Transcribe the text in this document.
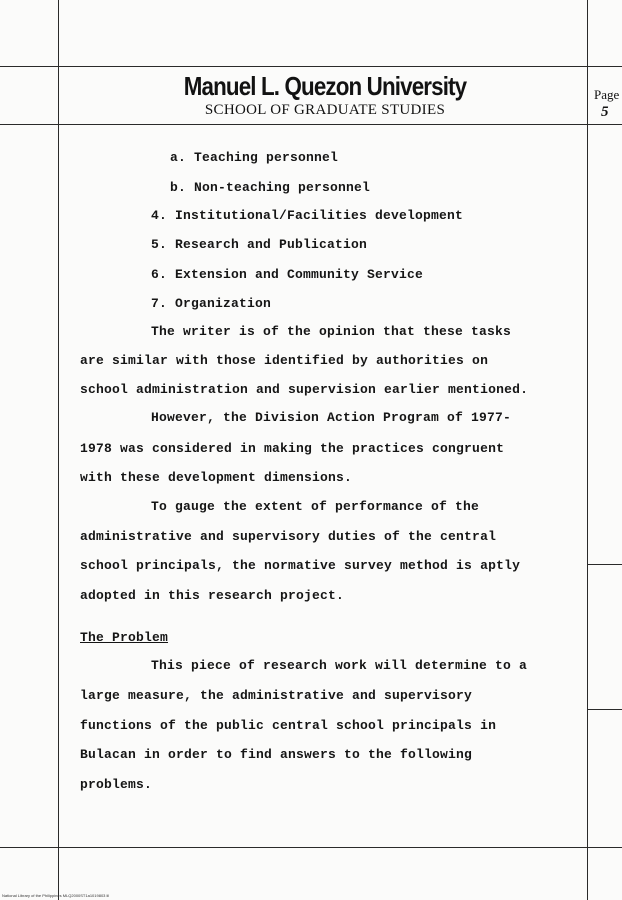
Manuel L. Quezon University
SCHOOL OF GRADUATE STUDIES
Page
5
a. Teaching personnel
b. Non-teaching personnel
4. Institutional/Facilities development
5. Research and Publication
6. Extension and Community Service
7. Organization
The writer is of the opinion that these tasks
are similar with those identified by authorities on
school administration and supervision earlier mentioned.
However, the Division Action Program of 1977-
1978 was considered in making the practices congruent
with these development dimensions.
To gauge the extent of performance of the
administrative and supervisory duties of the central
school principals, the normative survey method is aptly
adopted in this research project.
The Problem
This piece of research work will determine to a
large measure, the administrative and supervisory
functions of the public central school principals in
Bulacan in order to find answers to the following
problems.
National Library of the Philippines MLQ2000ST1a1019803 lil
